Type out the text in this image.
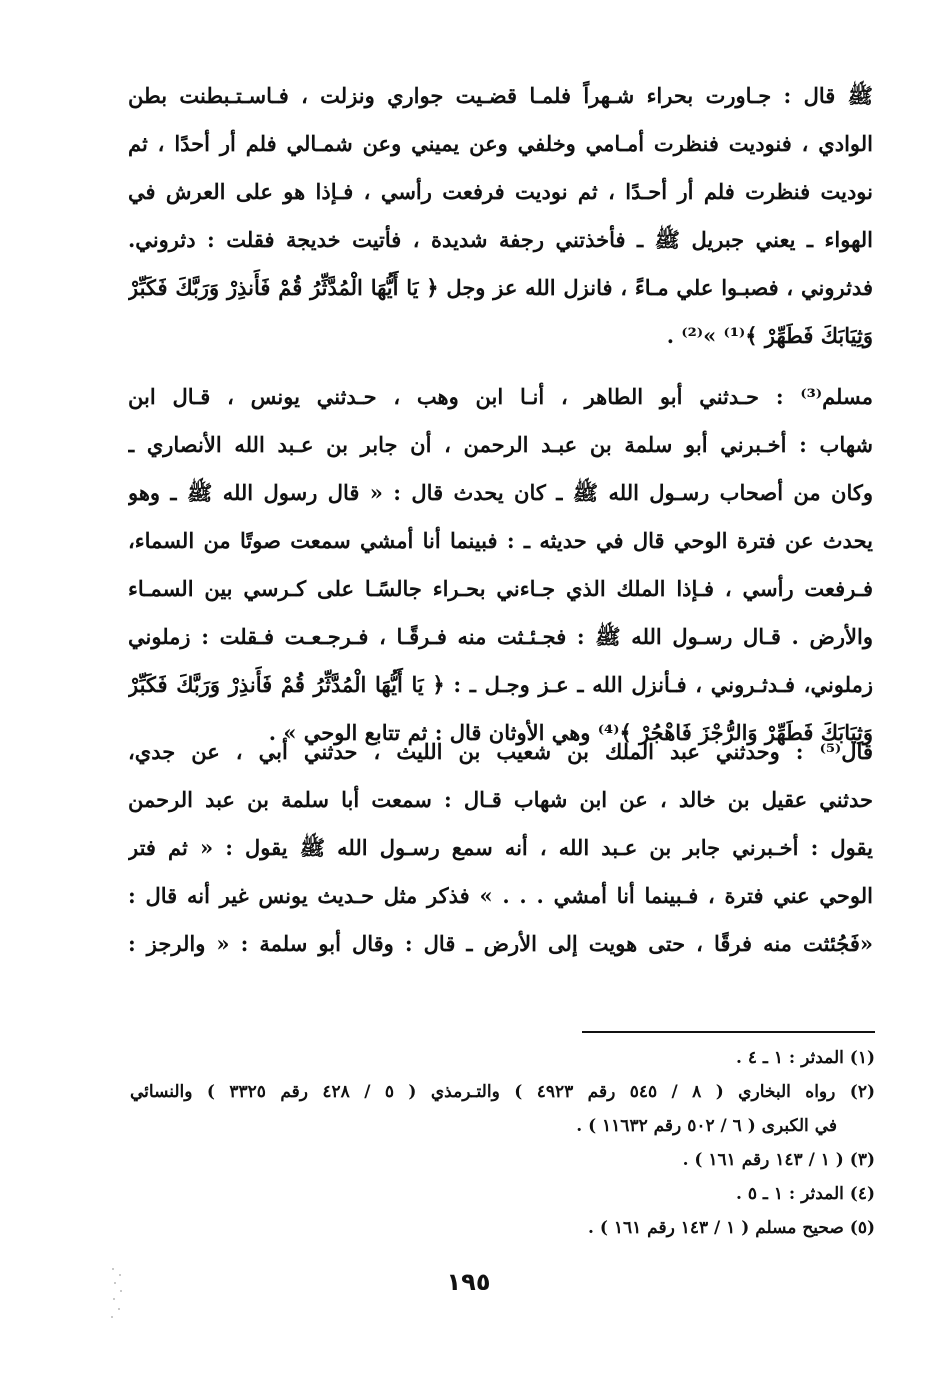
ﷺ قال : جـاورت بحراء شـهراً فلمـا قضـيت جواري ونزلت ، فـاسـتـبطنت بطن
الوادي ، فنوديت فنظرت أمـامي وخلفي وعن يميني وعن شمـالي فلم أر أحدًا ، ثم
نوديت فنظرت فلم أر أحـدًا ، ثم نوديت فرفعت رأسي ، فـإذا هو على العرش في
الهواء ـ يعني جبريل ﷺ ـ فأخذتني رجفة شديدة ، فأتيت خديجة فقلت : دثروني.
فدثروني ، فصبـوا علي مـاءً ، فانزل الله عز وجل ﴿ يَا أَيُّهَا الْمُدَّثِّرُ قُمْ فَأَنذِرْ وَرَبَّكَ فَكَبِّرْ
وَثِيَابَكَ فَطَهِّرْ ﴾⁽¹⁾ »⁽²⁾ .
مسلم⁽³⁾ : حـدثني أبو الطاهر ، أنـا ابن وهب ، حـدثني يونس ، قـال ابن
شهاب : أخـبرني أبو سلمة بن عبـد الرحمن ، أن جابر بن عـبد الله الأنصاري ـ
وكان من أصحاب رسـول الله ﷺ ـ كان يحدث قال : « قال رسول الله ﷺ ـ وهو
يحدث عن فترة الوحي قال في حديثه ـ : فبينما أنا أمشي سمعت صوتًا من السماء،
فـرفعت رأسي ، فـإذا الملك الذي جـاءني بحـراء جالسًـا على كـرسي بين السمـاء
والأرض . قـال رسـول الله ﷺ : فجـئـثت منه فـرقًـا ، فـرجـعـت فـقلت : زملوني
زملوني، فـدثـروني ، فـأنزل الله ـ عـز وجـل ـ : ﴿ يَا أَيُّهَا الْمُدَّثِّرُ قُمْ فَأَنذِرْ وَرَبَّكَ فَكَبِّرْ
وَثِيَابَكَ فَطَهِّرْ وَالرُّجْزَ فَاهْجُرْ ﴾⁽⁴⁾ وهي الأوثان قال : ثم تتابع الوحي » .
قال⁽⁵⁾ : وحدثني عبد الملك بن شعيب بن الليث ، حدثني أبي ، عن جدي،
حدثني عقيل بن خالد ، عن ابن شهاب قـال : سمعت أبا سلمة بن عبد الرحمن
يقول : أخـبرني جابر بن عـبد الله ، أنه سمع رسـول الله ﷺ يقول : « ثم فتر
الوحي عني فترة ، فـبينما أنا أمشي . . . » فذكر مثل حـديث يونس غير أنه قال :
«فَجُئثت منه فرقًا ، حتى هويت إلى الأرض ـ قال : وقال أبو سلمة : « والرجز :
(١) المدثر : ١ ـ ٤ .
(٢) رواه البخاري ( ٨ / ٥٤٥ رقم ٤٩٢٣ ) والتـرمذي ( ٥ / ٤٢٨ رقم ٣٣٢٥ ) والنسائي
في الكبرى ( ٦ / ٥٠٢ رقم ١١٦٣٢ ) .
(٣) ( ١ / ١٤٣ رقم ١٦١ ) .
(٤) المدثر : ١ ـ ٥ .
(٥) صحيح مسلم ( ١ / ١٤٣ رقم ١٦١ ) .
١٩٥
